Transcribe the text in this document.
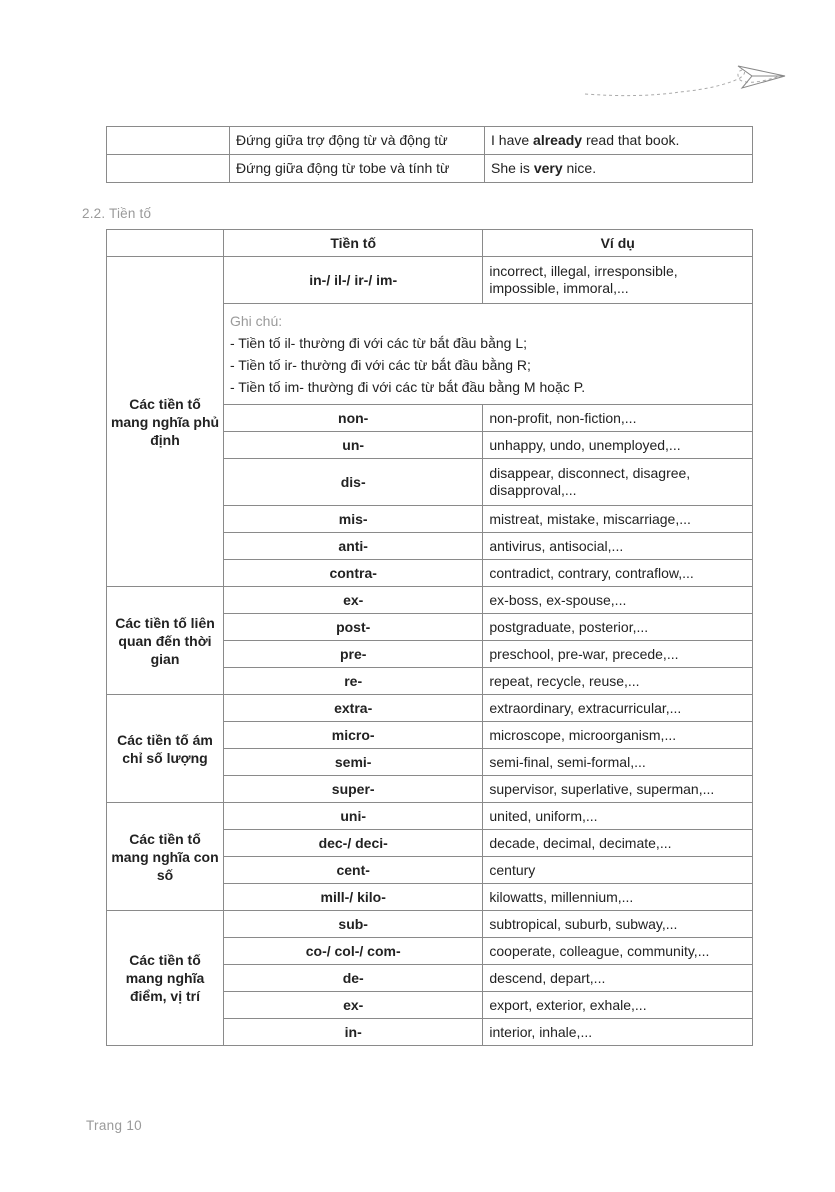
	Đứng giữa trợ động từ và động từ	I have already read that book.
	Đứng giữa động từ tobe và tính từ	She is very nice.
2.2. Tiền tố
	Tiền tố	Ví dụ
Các tiền tố mang nghĩa phủ định	in-/ il-/ ir-/ im-	incorrect, illegal, irresponsible, impossible, immoral,...

	Ghi chú:
- Tiền tố il- thường đi với các từ bắt đầu bằng L;
- Tiền tố ir- thường đi với các từ bắt đầu bằng R;
- Tiền tố im- thường đi với các từ bắt đầu bằng M hoặc P.	

	non-	non-profit, non-fiction,...
	un-	unhappy, undo, unemployed,...
	dis-	disappear, disconnect, disagree, disapproval,...
	mis-	mistreat, mistake, miscarriage,...
	anti-	antivirus, antisocial,...
	contra-	contradict, contrary, contraflow,...
Các tiền tố liên quan đến thời gian	ex-	ex-boss, ex-spouse,...
	post-	postgraduate, posterior,...
	pre-	preschool, pre-war, precede,...
	re-	repeat, recycle, reuse,...
Các tiền tố ám chỉ số lượng	extra-	extraordinary, extracurricular,...
	micro-	microscope, microorganism,...
	semi-	semi-final, semi-formal,...
	super-	supervisor, superlative, superman,...
Các tiền tố mang nghĩa con số	uni-	united, uniform,...
	dec-/ deci-	decade, decimal, decimate,...
	cent-	century
	mill-/ kilo-	kilowatts, millennium,...
Các tiền tố mang nghĩa điểm, vị trí	sub-	subtropical, suburb, subway,...
	co-/ col-/ com-	cooperate, colleague, community,...
	de-	descend, depart,...
	ex-	export, exterior, exhale,...
	in-	interior, inhale,...
Trang 10
